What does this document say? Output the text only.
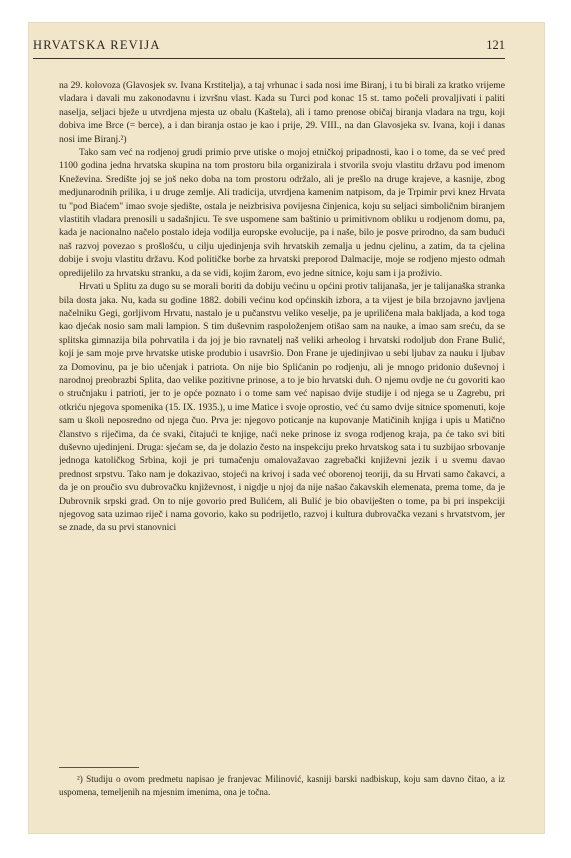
HRVATSKA REVIJA	121

na 29. kolovoza (Glavosjek sv. Ivana Krstitelja), a taj vrhunac i sada nosi ime Biranj, i tu bi birali za kratko vrijeme vladara i davali mu zakonodavnu i izvršnu vlast. Kada su Turci pod konac 15 st. tamo počeli provaljivati i paliti naselja, seljaci bježe u utvrdjena mjesta uz obalu (Kaštela), ali i tamo prenose običaj biranja vladara na trgu, koji dobiva ime Brce (= berce), a i dan biranja ostao je kao i prije, 29. VIII., na dan Glavosjeka sv. Ivana, koji i danas nosi ime Biranj.²)

Tako sam već na rodjenoj grudi primio prve utiske o mojoj etničkoj pripadnosti, kao i o tome, da se već pred 1100 godina jedna hrvatska skupina na tom prostoru bila organizirala i stvorila svoju vlastitu državu pod imenom Kneževina. Središte joj se još neko doba na tom prostoru održalo, ali je prešlo na druge krajeve, a kasnije, zbog medjunarodnih prilika, i u druge zemlje. Ali tradicija, utvrdjena kamenim natpisom, da je Trpimir prvi knez Hrvata tu "pod Biaćem" imao svoje sjedište, ostala je neizbrisiva povijesna činjenica, koju su seljaci simboličnim biranjem vlastitih vladara prenosili u sadašnjicu. Te sve uspomene sam baštinio u primitivnom obliku u rodjenom domu, pa, kada je nacionalno načelo postalo ideja vodilja europske evolucije, pa i naše, bilo je posve prirodno, da sam budući naš razvoj povezao s prošlošću, u cilju ujedinjenja svih hrvatskih zemalja u jednu cjelinu, a zatim, da ta cjelina dobije i svoju vlastitu državu. Kod političke borbe za hrvatski preporod Dalmacije, moje se rodjeno mjesto odmah opredijelilo za hrvatsku stranku, a da se vidi, kojim žarom, evo jedne sitnice, koju sam i ja proživio.

Hrvati u Splitu za dugo su se morali boriti da dobiju većinu u općini protiv talijanaša, jer je talijanaška stranka bila dosta jaka. Nu, kada su godine 1882. dobili većinu kod općinskih izbora, a ta vijest je bila brzojavno javljena načelniku Gegi, gorljivom Hrvatu, nastalo je u pučanstvu veliko veselje, pa je upriličena mala bakljada, a kod toga kao djećak nosio sam mali lampion. S tim duševnim raspoloženjem otišao sam na nauke, a imao sam sreću, da se splitska gimnazija bila pohrvatila i da joj je bio ravnatelj naš veliki arheolog i hrvatski rodoljub don Frane Bulić, koji je sam moje prve hrvatske utiske produbio i usavršio. Don Frane je ujedinjivao u sebi ljubav za nauku i ljubav za Domovinu, pa je bio učenjak i patriota. On nije bio Splićanin po rodjenju, ali je mnogo pridonio duševnoj i narodnoj preobrazbi Splita, dao velike pozitivne prinose, a to je bio hrvatski duh. O njemu ovdje ne ću govoriti kao o stručnjaku i patrioti, jer to je opće poznato i o tome sam već napisao dvije studije i od njega se u Zagrebu, pri otkriću njegova spomenika (15. IX. 1935.), u ime Matice i svoje oprostio, već ću samo dvije sitnice spomenuti, koje sam u školi neposredno od njega čuo. Prva je: njegovo poticanje na kupovanje Matičinih knjiga i upis u Matično članstvo s riječima, da će svaki, čitajući te knjige, naći neke prinose iz svoga rodjenog kraja, pa će tako svi biti duševno ujedinjeni. Druga: sjećam se, da je dolazio često na inspekciju preko hrvatskog sata i tu suzbijao srbovanje jednoga katoličkog Srbina, koji je pri tumačenju omalovažavao zagrebački književni jezik i u svemu davao prednost srpstvu. Tako nam je dokazivao, stojeći na krivoj i sada već oborenoj teoriji, da su Hrvati samo čakavci, a da je on proučio svu dubrovačku književnost, i nigdje u njoj da nije našao čakavskih elemenata, prema tome, da je Dubrovnik srpski grad. On to nije govorio pred Bulićem, ali Bulić je bio obaviješten o tome, pa bi pri inspekciji njegovog sata uzimao riječ i nama govorio, kako su podrijetlo, razvoj i kultura dubrovačka vezani s hrvatstvom, jer se znade, da su prvi stanovnici

²) Studiju o ovom predmetu napisao je franjevac Milinović, kasniji barski nadbiskup, koju sam davno čitao, a iz uspomena, temeljenih na mjesnim imenima, ona je točna.
